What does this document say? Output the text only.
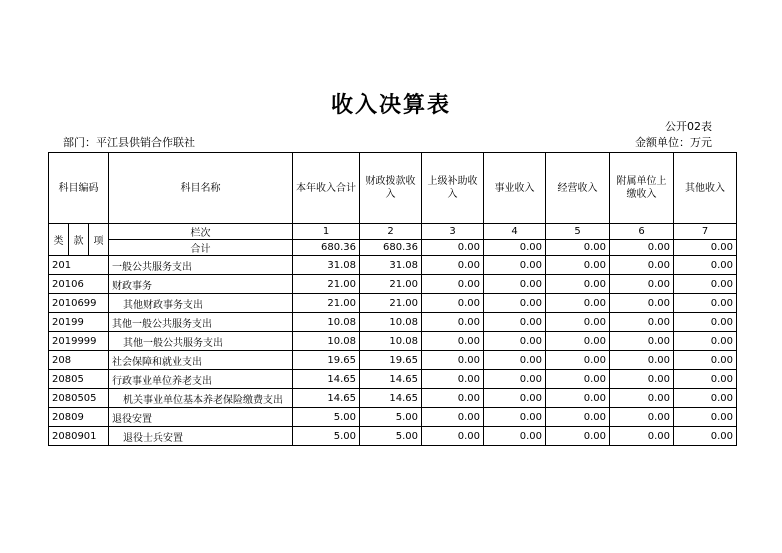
收入决算表
公开02表
部门：平江县供销合作联社	金额单位：万元
科目编码			科目名称	本年收入合计	财政拨款收入	上级补助收入	事业收入	经营收入	附属单位上缴收入	其他收入
类	款	项	栏次	1	2	3	4	5	6	7
			合计	680.36	680.36	0.00	0.00	0.00	0.00	0.00
201			一般公共服务支出	31.08	31.08	0.00	0.00	0.00	0.00	0.00
20106			财政事务	21.00	21.00	0.00	0.00	0.00	0.00	0.00
2010699			其他财政事务支出	21.00	21.00	0.00	0.00	0.00	0.00	0.00
20199			其他一般公共服务支出	10.08	10.08	0.00	0.00	0.00	0.00	0.00
2019999			其他一般公共服务支出	10.08	10.08	0.00	0.00	0.00	0.00	0.00
208			社会保障和就业支出	19.65	19.65	0.00	0.00	0.00	0.00	0.00
20805			行政事业单位养老支出	14.65	14.65	0.00	0.00	0.00	0.00	0.00
2080505			机关事业单位基本养老保险缴费支出	14.65	14.65	0.00	0.00	0.00	0.00	0.00
20809			退役安置	5.00	5.00	0.00	0.00	0.00	0.00	0.00
2080901			退役士兵安置	5.00	5.00	0.00	0.00	0.00	0.00	0.00
